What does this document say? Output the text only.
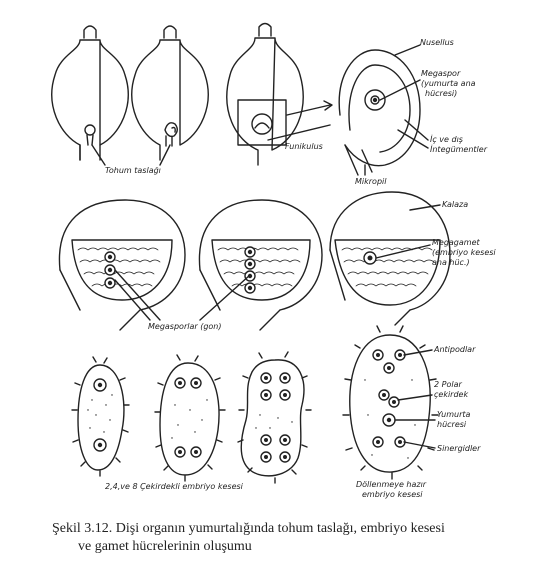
Nusellus
Megaspor
(yumurta ana
hücresi)
İç ve dış
İntegümentler
Funikulus
Mikropil
Tohum taslağı
Kalaza
Megagamet
(embriyo kesesi
ana hüc.)
Megasporlar (gon)
Antipodlar
2 Polar
çekirdek
Yumurta
hücresi
Sinergidler
2,4,ve 8 Çekirdekli embriyo kesesi	Döllenmeye hazır
embriyo kesesi
Şekil 3.12. Dişi organın yumurtalığında tohum taslağı, embriyo kesesi
ve gamet hücrelerinin oluşumu
